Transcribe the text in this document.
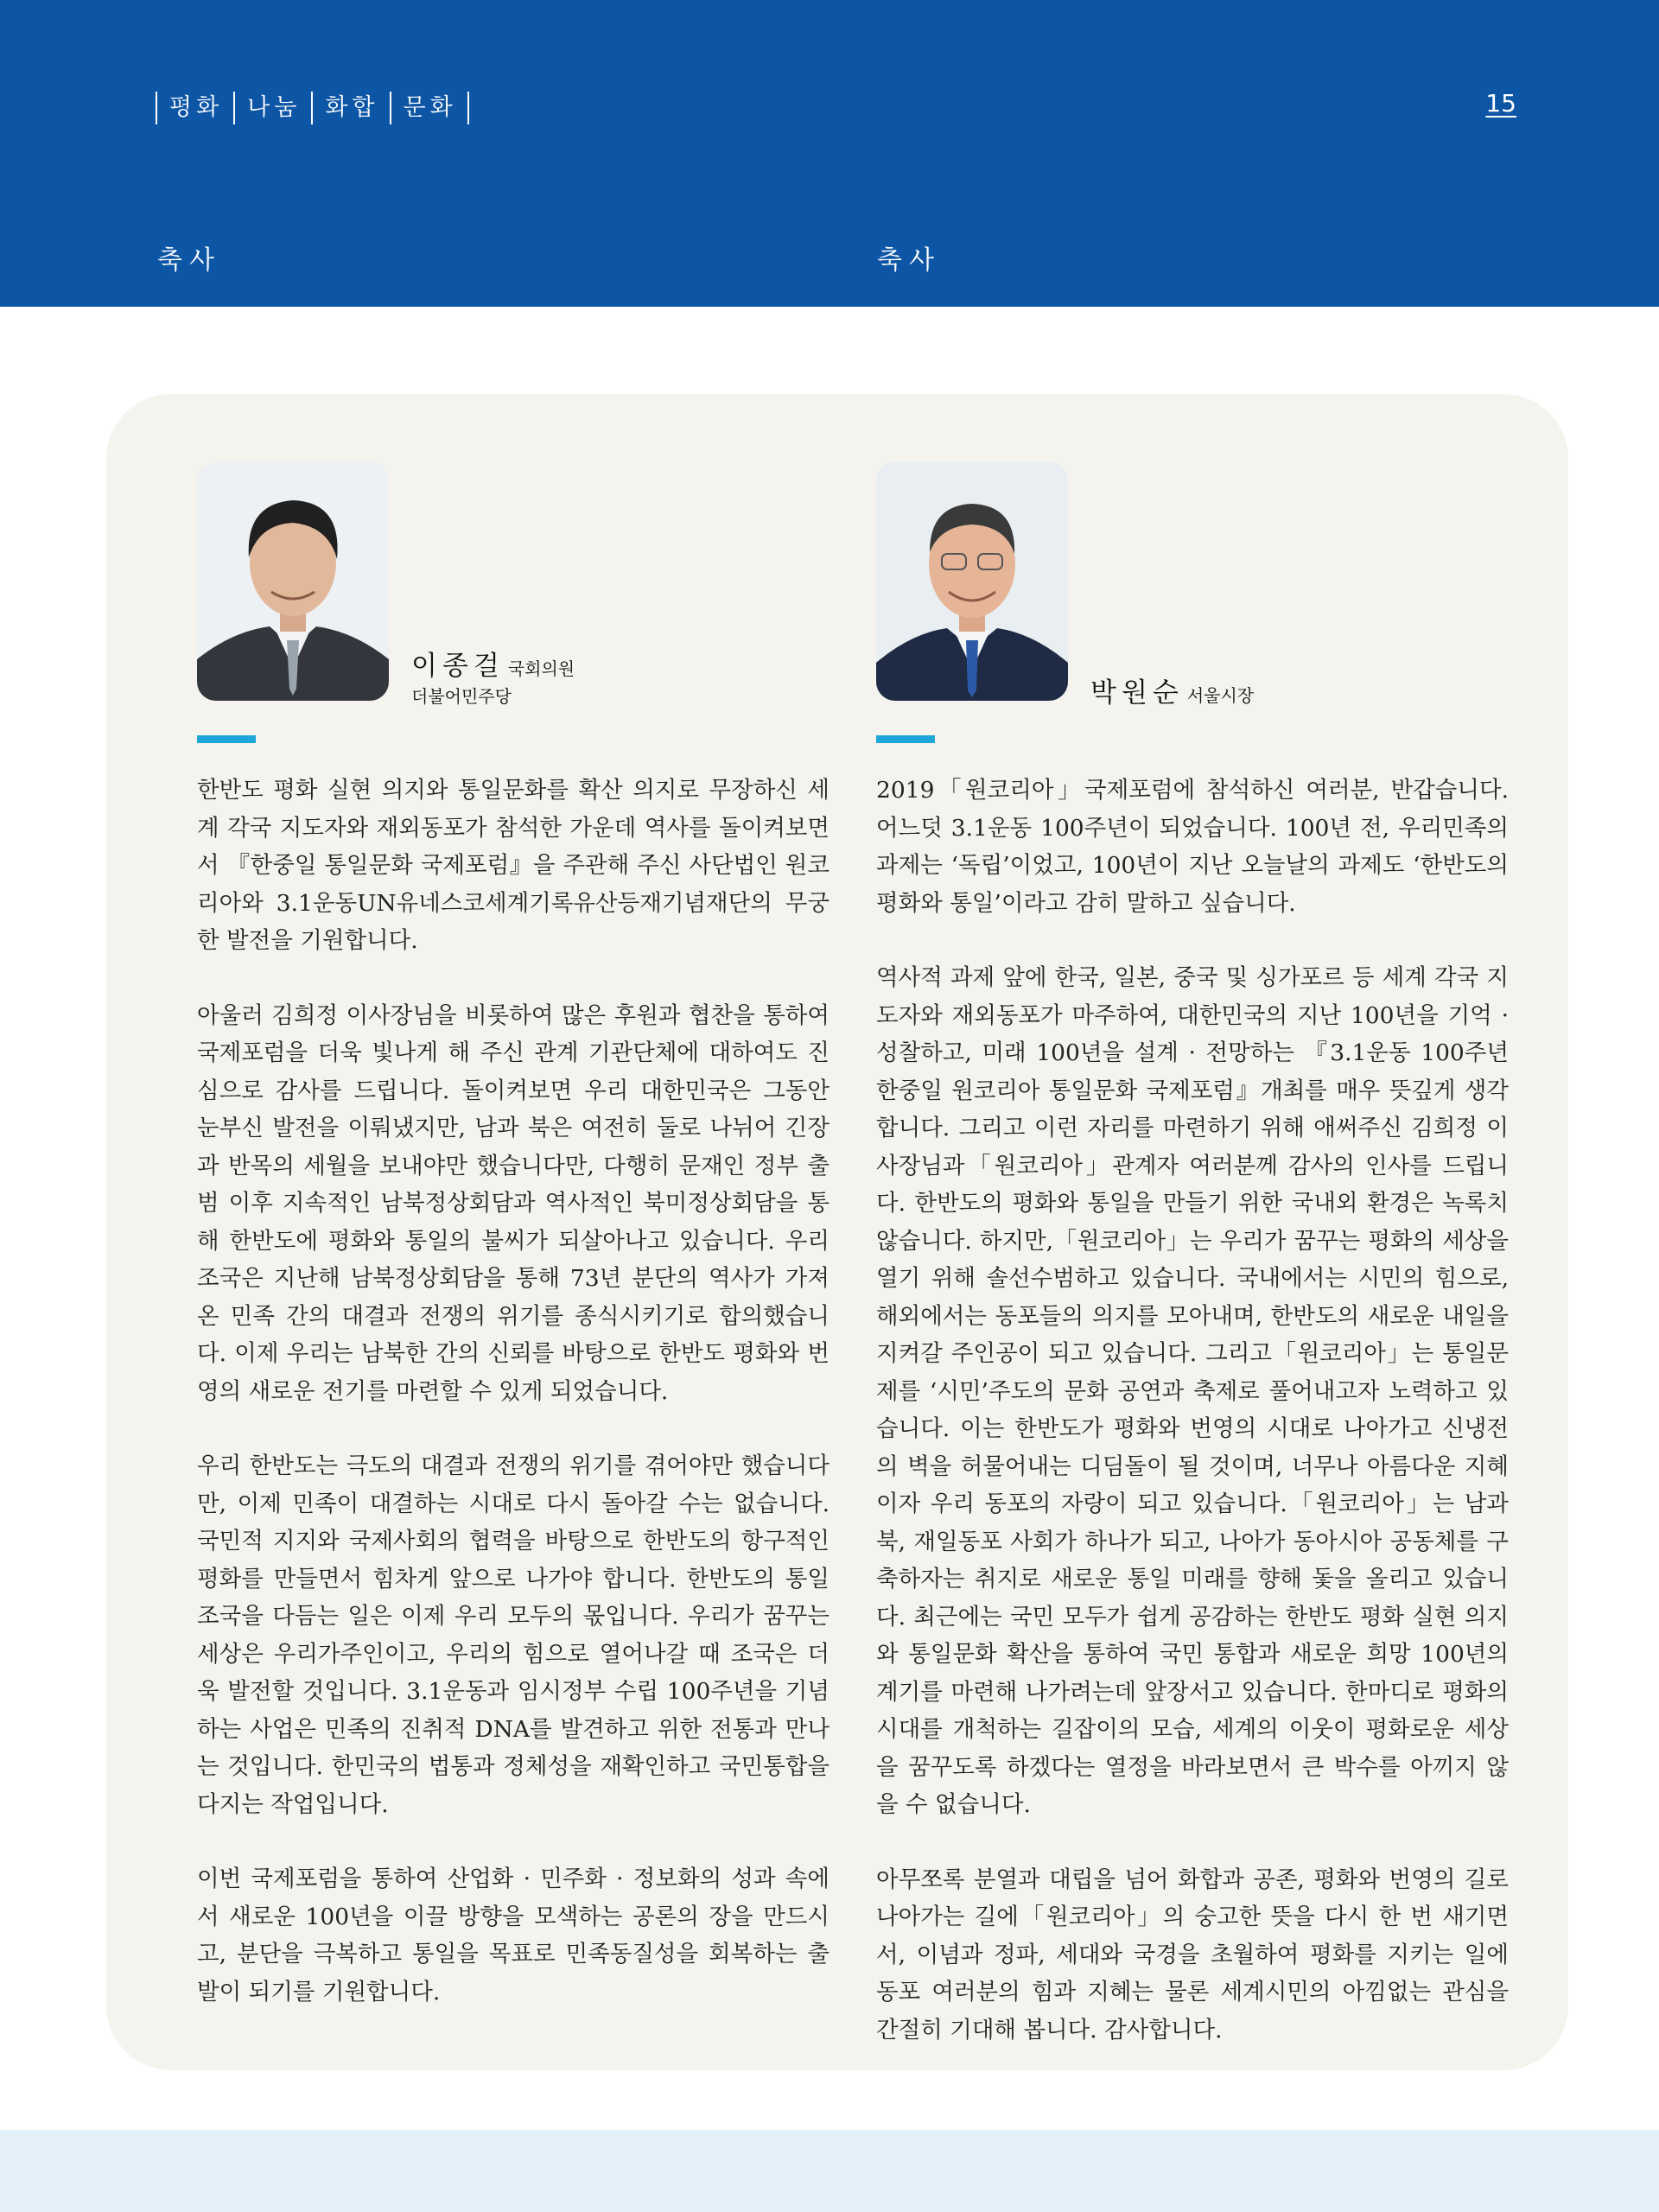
평화	나눔	화합	문화	15
축사	축사
이종걸 국회의원
더불어민주당	박원순 서울시장

한반도 평화 실현 의지와 통일문화를 확산 의지로 무장하신 세계 각국 지도자와 재외동포가 참석한 가운데 역사를 돌이켜보면서 『한중일 통일문화 국제포럼』을 주관해 주신 사단법인 원코리아와 3.1운동UN유네스코세계기록유산등재기념재단의 무궁한 발전을 기원합니다.

아울러 김희정 이사장님을 비롯하여 많은 후원과 협찬을 통하여 국제포럼을 더욱 빛나게 해 주신 관계 기관단체에 대하여도 진심으로 감사를 드립니다. 돌이켜보면 우리 대한민국은 그동안 눈부신 발전을 이뤄냈지만, 남과 북은 여전히 둘로 나뉘어 긴장과 반목의 세월을 보내야만 했습니다만, 다행히 문재인 정부 출범 이후 지속적인 남북정상회담과 역사적인 북미정상회담을 통해 한반도에 평화와 통일의 불씨가 되살아나고 있습니다. 우리 조국은 지난해 남북정상회담을 통해 73년 분단의 역사가 가져온 민족 간의 대결과 전쟁의 위기를 종식시키기로 합의했습니다. 이제 우리는 남북한 간의 신뢰를 바탕으로 한반도 평화와 번영의 새로운 전기를 마련할 수 있게 되었습니다.

우리 한반도는 극도의 대결과 전쟁의 위기를 겪어야만 했습니다만, 이제 민족이 대결하는 시대로 다시 돌아갈 수는 없습니다. 국민적 지지와 국제사회의 협력을 바탕으로 한반도의 항구적인 평화를 만들면서 힘차게 앞으로 나가야 합니다. 한반도의 통일 조국을 다듬는 일은 이제 우리 모두의 몫입니다. 우리가 꿈꾸는 세상은 우리가주인이고, 우리의 힘으로 열어나갈 때 조국은 더욱 발전할 것입니다. 3.1운동과 임시정부 수립 100주년을 기념하는 사업은 민족의 진취적 DNA를 발견하고 위한 전통과 만나는 것입니다. 한민국의 법통과 정체성을 재확인하고 국민통합을 다지는 작업입니다.

이번 국제포럼을 통하여 산업화 · 민주화 · 정보화의 성과 속에서 새로운 100년을 이끌 방향을 모색하는 공론의 장을 만드시고, 분단을 극복하고 통일을 목표로 민족동질성을 회복하는 출발이 되기를 기원합니다.

2019「원코리아」국제포럼에 참석하신 여러분, 반갑습니다. 어느덧 3.1운동 100주년이 되었습니다. 100년 전, 우리민족의 과제는 ‘독립’이었고, 100년이 지난 오늘날의 과제도 ‘한반도의 평화와 통일’이라고 감히 말하고 싶습니다.

역사적 과제 앞에 한국, 일본, 중국 및 싱가포르 등 세계 각국 지도자와 재외동포가 마주하여, 대한민국의 지난 100년을 기억 · 성찰하고, 미래 100년을 설계 · 전망하는 『3.1운동 100주년 한중일 원코리아 통일문화 국제포럼』개최를 매우 뜻깊게 생각합니다. 그리고 이런 자리를 마련하기 위해 애써주신 김희정 이사장님과「원코리아」관계자 여러분께 감사의 인사를 드립니다. 한반도의 평화와 통일을 만들기 위한 국내외 환경은 녹록치 않습니다. 하지만,「원코리아」는 우리가 꿈꾸는 평화의 세상을 열기 위해 솔선수범하고 있습니다. 국내에서는 시민의 힘으로, 해외에서는 동포들의 의지를 모아내며, 한반도의 새로운 내일을 지켜갈 주인공이 되고 있습니다. 그리고「원코리아」는 통일문제를 ‘시민’주도의 문화 공연과 축제로 풀어내고자 노력하고 있습니다. 이는 한반도가 평화와 번영의 시대로 나아가고 신냉전의 벽을 허물어내는 디딤돌이 될 것이며, 너무나 아름다운 지혜이자 우리 동포의 자랑이 되고 있습니다.「원코리아」는 남과 북, 재일동포 사회가 하나가 되고, 나아가 동아시아 공동체를 구축하자는 취지로 새로운 통일 미래를 향해 돛을 올리고 있습니다. 최근에는 국민 모두가 쉽게 공감하는 한반도 평화 실현 의지와 통일문화 확산을 통하여 국민 통합과 새로운 희망 100년의 계기를 마련해 나가려는데 앞장서고 있습니다. 한마디로 평화의 시대를 개척하는 길잡이의 모습, 세계의 이웃이 평화로운 세상을 꿈꾸도록 하겠다는 열정을 바라보면서 큰 박수를 아끼지 않을 수 없습니다.

아무쪼록 분열과 대립을 넘어 화합과 공존, 평화와 번영의 길로 나아가는 길에「원코리아」의 숭고한 뜻을 다시 한 번 새기면서, 이념과 정파, 세대와 국경을 초월하여 평화를 지키는 일에 동포 여러분의 힘과 지혜는 물론 세계시민의 아낌없는 관심을 간절히 기대해 봅니다. 감사합니다.
